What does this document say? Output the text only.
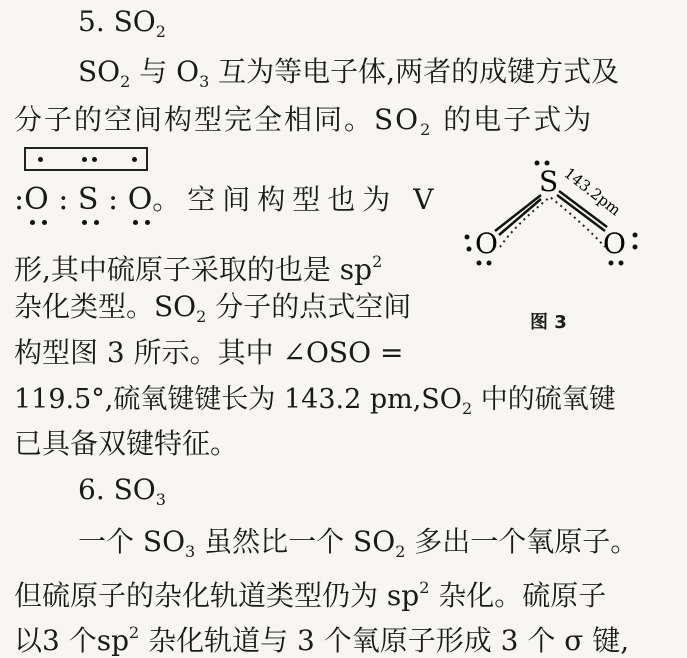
5. $SO_2$
$SO_2$ 与 $O_3$ 互为等电子体,两者的成键方式及
分子的空间构型完全相同。$SO_2$ 的电子式为
:O : S : O。空间构型也为 V
形,其中硫原子采取的也是 $sp^2$
杂化类型。$SO_2$ 分子的点式空间
构型图 3 所示。其中 ∠OSO =
119.5°,硫氧键键长为 143.2 $pm,SO_2$ 中的硫氧键
已具备双键特征。
S
O	O
143.2pm
图 3
6. $SO_3$
一个 $SO_3$ 虽然比一个 $SO_2$ 多出一个氧原子。
但硫原子的杂化轨道类型仍为 $sp^2$ 杂化。硫原子
以3 个$sp^2$ 杂化轨道与 3 个氧原子形成 3 个 σ 键,
